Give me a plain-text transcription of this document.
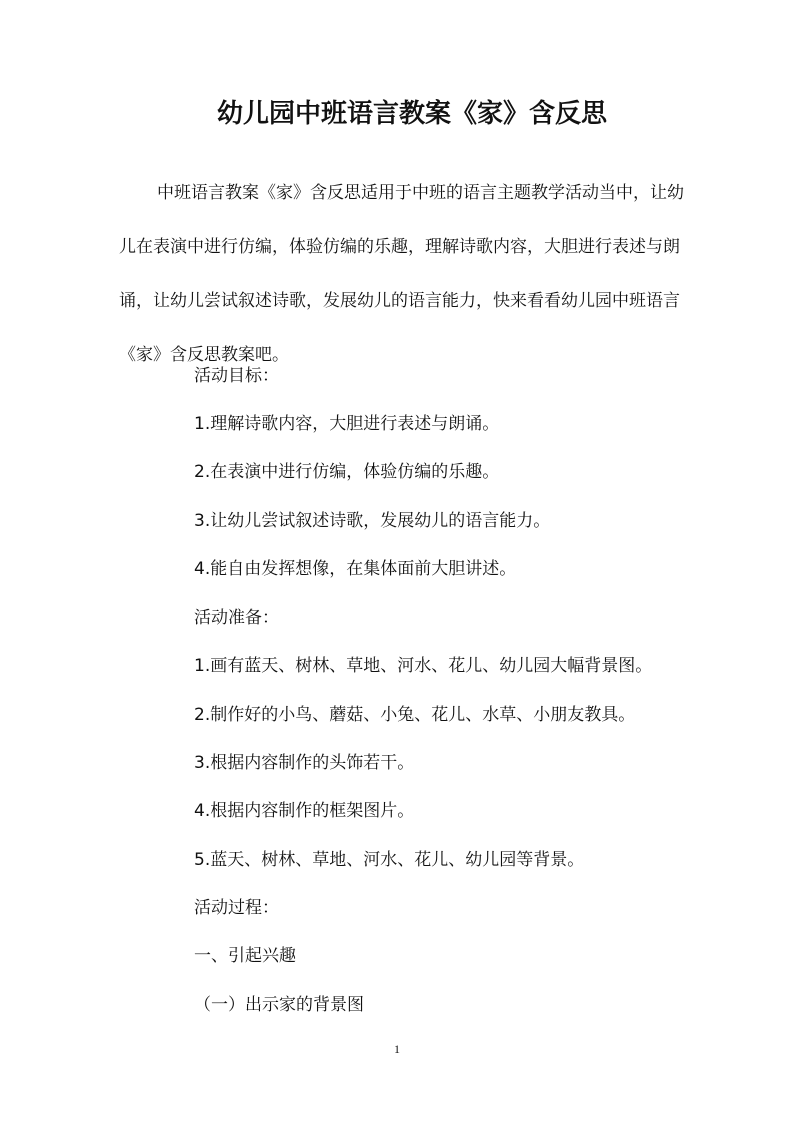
幼儿园中班语言教案《家》含反思
中班语言教案《家》含反思适用于中班的语言主题教学活动当中，让幼儿在表演中进行仿编，体验仿编的乐趣，理解诗歌内容，大胆进行表述与朗诵，让幼儿尝试叙述诗歌，发展幼儿的语言能力，快来看看幼儿园中班语言《家》含反思教案吧。
活动目标：
1.理解诗歌内容，大胆进行表述与朗诵。
2.在表演中进行仿编，体验仿编的乐趣。
3.让幼儿尝试叙述诗歌，发展幼儿的语言能力。
4.能自由发挥想像，在集体面前大胆讲述。
活动准备：
1.画有蓝天、树林、草地、河水、花儿、幼儿园大幅背景图。
2.制作好的小鸟、蘑菇、小兔、花儿、水草、小朋友教具。
3.根据内容制作的头饰若干。
4.根据内容制作的框架图片。
5.蓝天、树林、草地、河水、花儿、幼儿园等背景。
活动过程：
一、引起兴趣
（一）出示家的背景图
1
